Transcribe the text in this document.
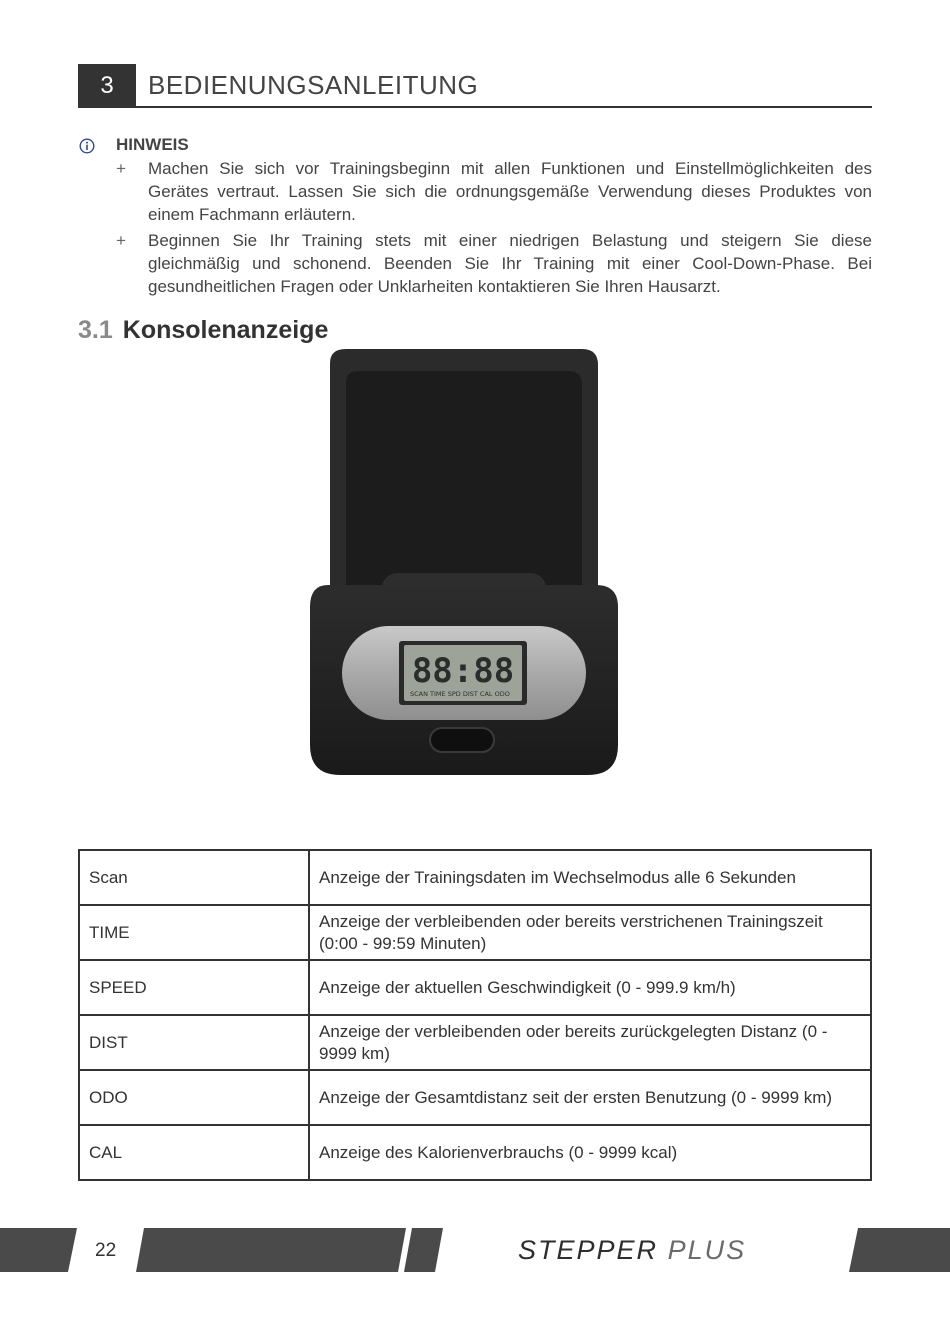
3	BEDIENUNGSANLEITUNG
HINWEIS
+ Machen Sie sich vor Trainingsbeginn mit allen Funktionen und Einstellmöglichkeiten des Gerätes vertraut. Lassen Sie sich die ordnungsgemäße Verwendung dieses Produktes von einem Fachmann erläutern.
+ Beginnen Sie Ihr Training stets mit einer niedrigen Belastung und steigern Sie diese gleichmäßig und schonend. Beenden Sie Ihr Training mit einer Cool-Down-Phase. Bei gesundheitlichen Fragen oder Unklarheiten kontaktieren Sie Ihren Hausarzt.
3.1 Konsolenanzeige
88:88
SCAN TIME SPD DIST CAL ODO
Scan	Anzeige der Trainingsdaten im Wechselmodus alle 6 Sekunden
TIME	Anzeige der verbleibenden oder bereits verstrichenen Trainingszeit (0:00 - 99:59 Minuten)
SPEED	Anzeige der aktuellen Geschwindigkeit (0 - 999.9 km/h)
DIST	Anzeige der verbleibenden oder bereits zurückgelegten Distanz (0 - 9999 km)
ODO	Anzeige der Gesamtdistanz seit der ersten Benutzung (0 - 9999 km)
CAL	Anzeige des Kalorienverbrauchs (0 - 9999 kcal)
22	STEPPER PLUS
